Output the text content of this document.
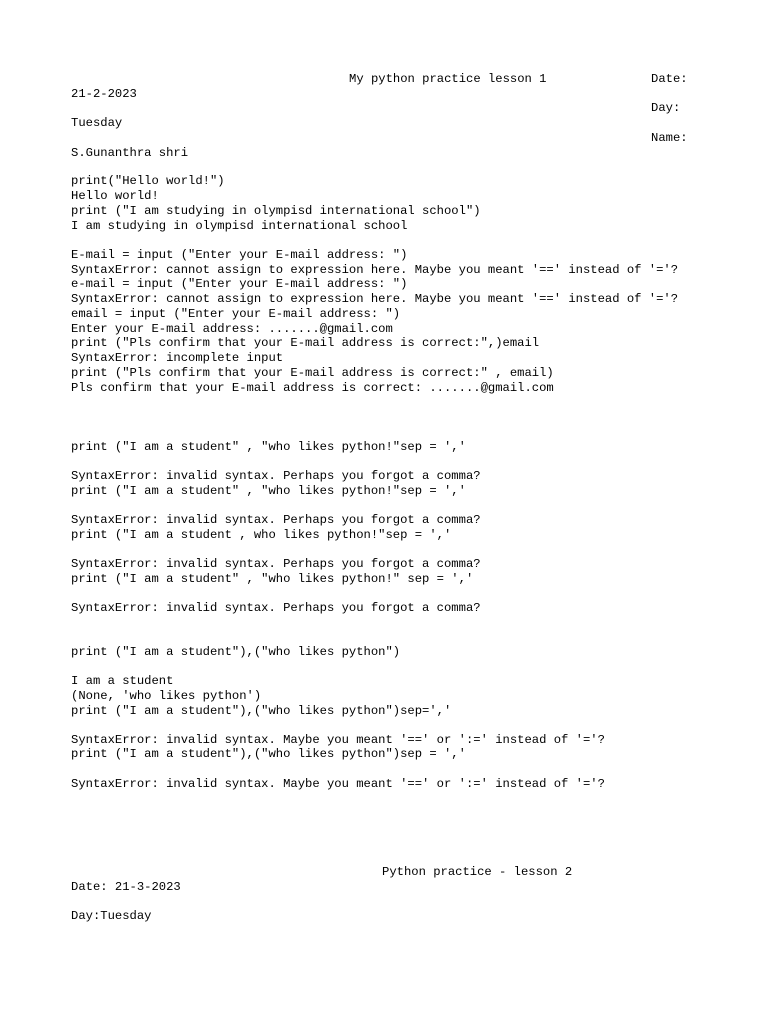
My python practice lesson 1	Date:
21-2-2023
Day:
Tuesday
Name:
S.Gunanthra shri
print("Hello world!")
Hello world!
print ("I am studying in olympisd international school")
I am studying in olympisd international school
E-mail = input ("Enter your E-mail address: ")
SyntaxError: cannot assign to expression here. Maybe you meant '==' instead of '='?
e-mail = input ("Enter your E-mail address: ")
SyntaxError: cannot assign to expression here. Maybe you meant '==' instead of '='?
email = input ("Enter your E-mail address: ")
Enter your E-mail address: .......@gmail.com
print ("Pls confirm that your E-mail address is correct:",)email
SyntaxError: incomplete input
print ("Pls confirm that your E-mail address is correct:" , email)
Pls confirm that your E-mail address is correct: .......@gmail.com
print ("I am a student" , "who likes python!"sep = ','
SyntaxError: invalid syntax. Perhaps you forgot a comma?
print ("I am a student" , "who likes python!"sep = ','
SyntaxError: invalid syntax. Perhaps you forgot a comma?
print ("I am a student , who likes python!"sep = ','
SyntaxError: invalid syntax. Perhaps you forgot a comma?
print ("I am a student" , "who likes python!" sep = ','
SyntaxError: invalid syntax. Perhaps you forgot a comma?
print ("I am a student"),("who likes python")
I am a student
(None, 'who likes python')
print ("I am a student"),("who likes python")sep=','
SyntaxError: invalid syntax. Maybe you meant '==' or ':=' instead of '='?
print ("I am a student"),("who likes python")sep = ','
SyntaxError: invalid syntax. Maybe you meant '==' or ':=' instead of '='?
Python practice - lesson 2
Date: 21-3-2023
Day:Tuesday
